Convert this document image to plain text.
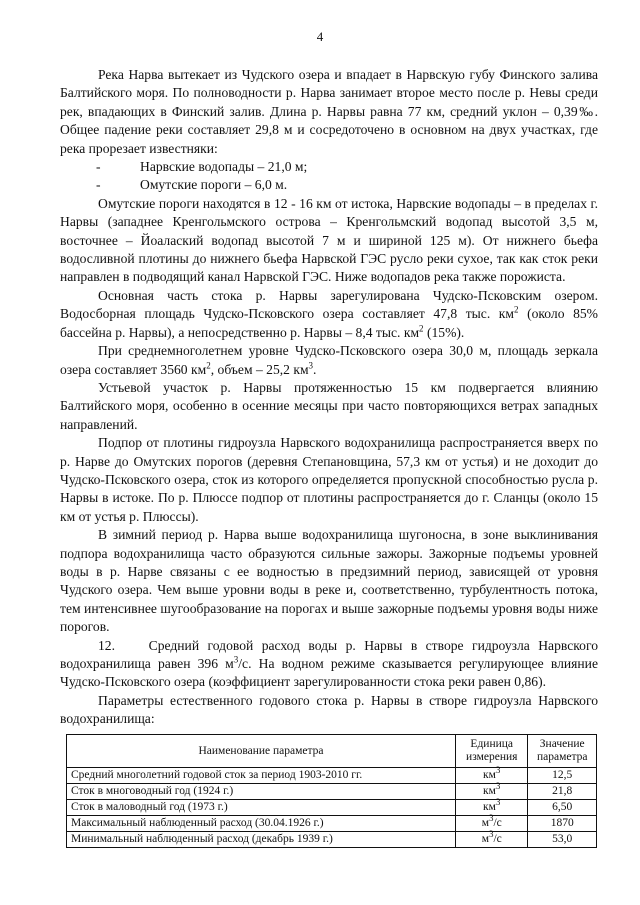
4

Река Нарва вытекает из Чудского озера и впадает в Нарвскую губу Финского залива Балтийского моря. По полноводности р. Нарва занимает второе место после р. Невы среди рек, впадающих в Финский залив. Длина р. Нарвы равна 77 км, средний уклон – 0,39‰. Общее падение реки составляет 29,8 м и сосредоточено в основном на двух участках, где река прорезает известняки:

-	Нарвские водопады – 21,0 м;
-	Омутские пороги – 6,0 м.

Омутские пороги находятся в 12 - 16 км от истока, Нарвские водопады – в пределах г. Нарвы (западнее Кренгольмского острова – Кренгольмский водопад высотой 3,5 м, восточнее – Йоалаский водопад высотой 7 м и шириной 125 м). От нижнего бьефа водосливной плотины до нижнего бьефа Нарвской ГЭС русло реки сухое, так как сток реки направлен в подводящий канал Нарвской ГЭС. Ниже водопадов река также порожиста.

Основная часть стока р. Нарвы зарегулирована Чудско-Псковским озером. Водосборная площадь Чудско-Псковского озера составляет 47,8 тыс. $км^2$ (около 85% бассейна р. Нарвы), а непосредственно р. Нарвы – 8,4 тыс. $км^2$ (15%).

При среднемноголетнем уровне Чудско-Псковского озера 30,0 м, площадь зеркала озера составляет 3560 $км^2$, объем – 25,2 $км^3$.

Устьевой участок р. Нарвы протяженностью 15 км подвергается влиянию Балтийского моря, особенно в осенние месяцы при часто повторяющихся ветрах западных направлений.

Подпор от плотины гидроузла Нарвского водохранилища распространяется вверх по р. Нарве до Омутских порогов (деревня Степановщина, 57,3 км от устья) и не доходит до Чудско-Псковского озера, сток из которого определяется пропускной способностью русла р. Нарвы в истоке. По р. Плюссе подпор от плотины распространяется до г. Сланцы (около 15 км от устья р. Плюссы).

В зимний период р. Нарва выше водохранилища шугоносна, в зоне выклинивания подпора водохранилища часто образуются сильные зажоры. Зажорные подъемы уровней воды в р. Нарве связаны с ее водностью в предзимний период, зависящей от уровня Чудского озера. Чем выше уровни воды в реке и, соответственно, турбулентность потока, тем интенсивнее шугообразование на порогах и выше зажорные подъемы уровня воды ниже порогов.

12.    Средний годовой расход воды р. Нарвы в створе гидроузла Нарвского водохранилища равен 396 $м^3/с$. На водном режиме сказывается регулирующее влияние Чудско-Псковского озера (коэффициент зарегулированности стока реки равен 0,86).

Параметры естественного годового стока р. Нарвы в створе гидроузла Нарвского водохранилища:

Наименование параметра	Единица измерения	Значение параметра
Средний многолетний годовой сток за период 1903-2010 гг.	$км^3$	12,5
Сток в многоводный год (1924 г.)	$км^3$	21,8
Сток в маловодный год (1973 г.)	$км^3$	6,50
Максимальный наблюденный расход (30.04.1926 г.)	$м^3/с$	1870
Минимальный наблюденный расход (декабрь 1939 г.)	$м^3/с$	53,0
